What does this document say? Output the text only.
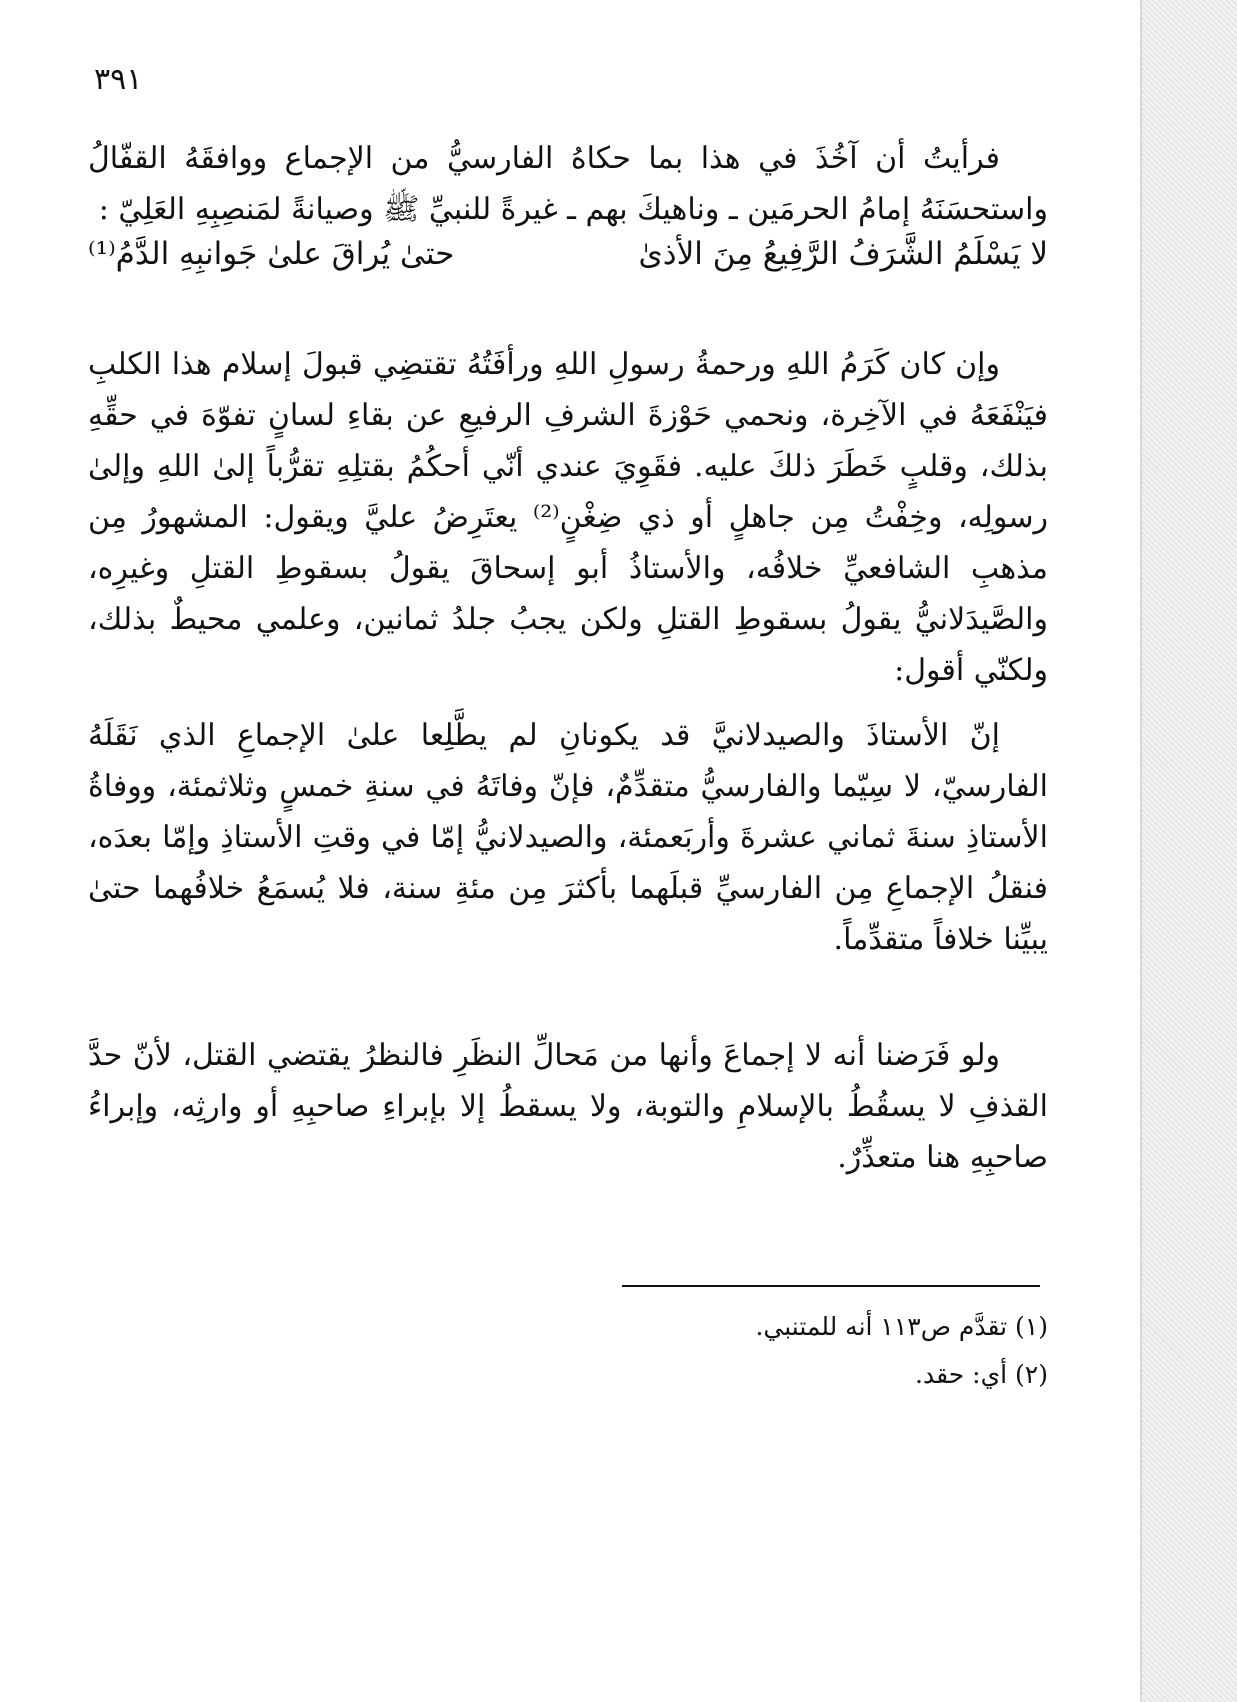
٣٩١

فرأيتُ أن آخُذَ في هذا بما حكاهُ الفارسيُّ من الإجماع ووافقَهُ القفّالُ واستحسَنَهُ إمامُ الحرمَين ـ وناهيكَ بهم ـ غيرةً للنبيِّ ﷺ وصيانةً لمَنصِبِهِ العَلِيّ :

لا يَسْلَمُ الشَّرَفُ الرَّفِيعُ مِنَ الأذىٰ
حتىٰ يُراقَ علىٰ جَوانبِهِ الدَّمُ⁽¹⁾

وإن كان كَرَمُ اللهِ ورحمةُ رسولِ اللهِ ورأفَتُهُ تقتضِي قبولَ إسلام هذا الكلبِ فيَنْفَعَهُ في الآخِرة، ونحمي حَوْزةَ الشرفِ الرفيعِ عن بقاءِ لسانٍ تفوّهَ في حقِّهِ بذلك، وقلبٍ خَطَرَ ذلكَ عليه. فقَوِيَ عندي أنّي أحكُمُ بقتلِهِ تقرُّباً إلىٰ اللهِ وإلىٰ رسولِه، وخِفْتُ مِن جاهلٍ أو ذي ضِغْنٍ⁽²⁾ يعتَرِضُ عليَّ ويقول: المشهورُ مِن مذهبِ الشافعيِّ خلافُه، والأستاذُ أبو إسحاقَ يقولُ بسقوطِ القتلِ وغيرِه، والصَّيدَلانيُّ يقولُ بسقوطِ القتلِ ولكن يجبُ جلدُ ثمانين، وعلمي محيطٌ بذلك، ولكنّي أقول:

إنّ الأستاذَ والصيدلانيَّ قد يكونانِ لم يطَّلِعا علىٰ الإجماعِ الذي نَقَلَهُ الفارسيّ، لا سِيّما والفارسيُّ متقدِّمٌ، فإنّ وفاتَهُ في سنةِ خمسٍ وثلاثمئة، ووفاةُ الأستاذِ سنةَ ثماني عشرةَ وأربَعمئة، والصيدلانيُّ إمّا في وقتِ الأستاذِ وإمّا بعدَه، فنقلُ الإجماعِ مِن الفارسيِّ قبلَهما بأكثرَ مِن مئةِ سنة، فلا يُسمَعُ خلافُهما حتىٰ يبيِّنا خلافاً متقدِّماً.

ولو فَرَضنا أنه لا إجماعَ وأنها من مَحالِّ النظَرِ فالنظرُ يقتضي القتل، لأنّ حدَّ القذفِ لا يسقُطُ بالإسلامِ والتوبة، ولا يسقطُ إلا بإبراءِ صاحبِهِ أو وارثِه، وإبراءُ صاحبِهِ هنا متعذِّرٌ.

(١) تقدَّم ص١١٣ أنه للمتنبي.
(٢) أي: حقد.
